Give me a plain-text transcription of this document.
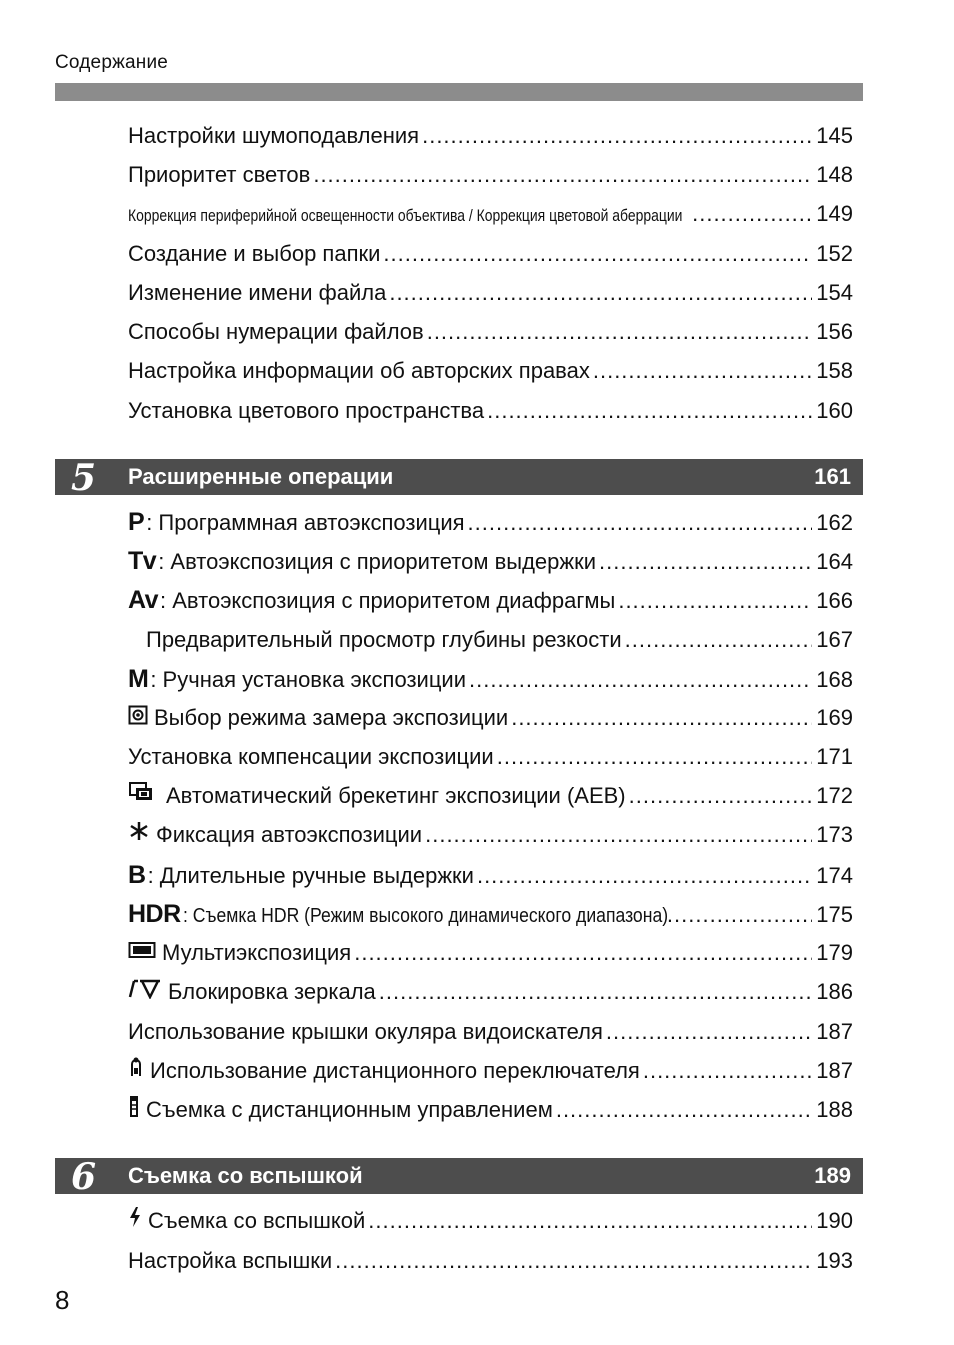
Содержание
Настройки шумоподавления .....	145
Приоритет светов .....	148
Коррекция периферийной освещенности объектива / Коррекция цветовой аберрации .....	149
Создание и выбор папки .....	152
Изменение имени файла .....	154
Способы нумерации файлов .....	156
Настройка информации об авторских правах .....	158
Установка цветового пространства .....	160
5 Расширенные операции	161
P : Программная автоэкспозиция .....	162
Tv : Автоэкспозиция с приоритетом выдержки .....	164
Av : Автоэкспозиция с приоритетом диафрагмы .....	166
Предварительный просмотр глубины резкости .....	167
M : Ручная установка экспозиции .....	168
Выбор режима замера экспозиции .....	169
Установка компенсации экспозиции .....	171
Автоматический брекетинг экспозиции (AEB) .....	172
Фиксация автоэкспозиции .....	173
B : Длительные ручные выдержки .....	174
HDR : Съемка HDR (Режим высокого динамического диапазона) .....	175
Мультиэкспозиция .....	179
Блокировка зеркала .....	186
Использование крышки окуляра видоискателя .....	187
Использование дистанционного переключателя .....	187
Съемка с дистанционным управлением .....	188
6 Съемка со вспышкой	189
Съемка со вспышкой .....	190
Настройка вспышки .....	193
8
